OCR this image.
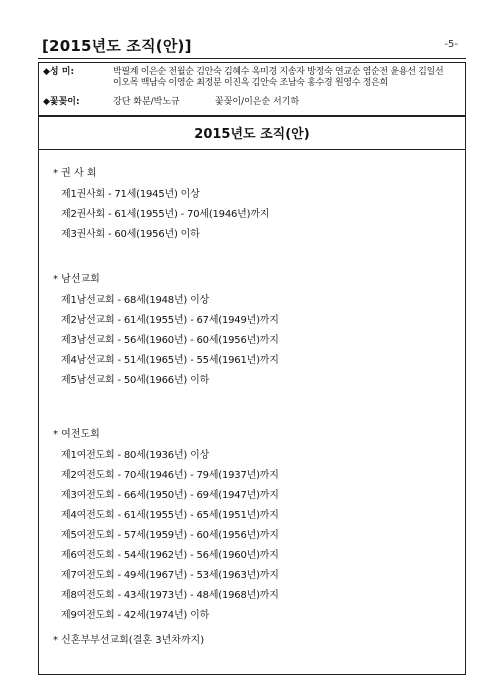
[2015년도 조직(안)]	-5-
◆성 미:	박필계 이은순 전월순 김안숙 김혜수 옥미경 지송자 방정숙 연교순 염순전 윤용선 김일선
이오목 백남숙 이영순 최정분 이진옥 김안숙 조남숙 홍수경 원영수 정은희
◆꽃꽂이:	강단 화분/박노규	꽃꽂이/이은순 서기하
2015년도 조직(안)
* 권 사 회
제1권사회 - 71세(1945년) 이상
제2권사회 - 61세(1955년) - 70세(1946년)까지
제3권사회 - 60세(1956년) 이하
* 남선교회
제1남선교회 - 68세(1948년) 이상
제2남선교회 - 61세(1955년) - 67세(1949년)까지
제3남선교회 - 56세(1960년) - 60세(1956년)까지
제4남선교회 - 51세(1965년) - 55세(1961년)까지
제5남선교회 - 50세(1966년) 이하
* 여전도회
제1여전도회 - 80세(1936년) 이상
제2여전도회 - 70세(1946년) - 79세(1937년)까지
제3여전도회 - 66세(1950년) - 69세(1947년)까지
제4여전도회 - 61세(1955년) - 65세(1951년)까지
제5여전도회 - 57세(1959년) - 60세(1956년)까지
제6여전도회 - 54세(1962년) - 56세(1960년)까지
제7여전도회 - 49세(1967년) - 53세(1963년)까지
제8여전도회 - 43세(1973년) - 48세(1968년)까지
제9여전도회 - 42세(1974년) 이하
* 신혼부부선교회(결혼 3년차까지)
